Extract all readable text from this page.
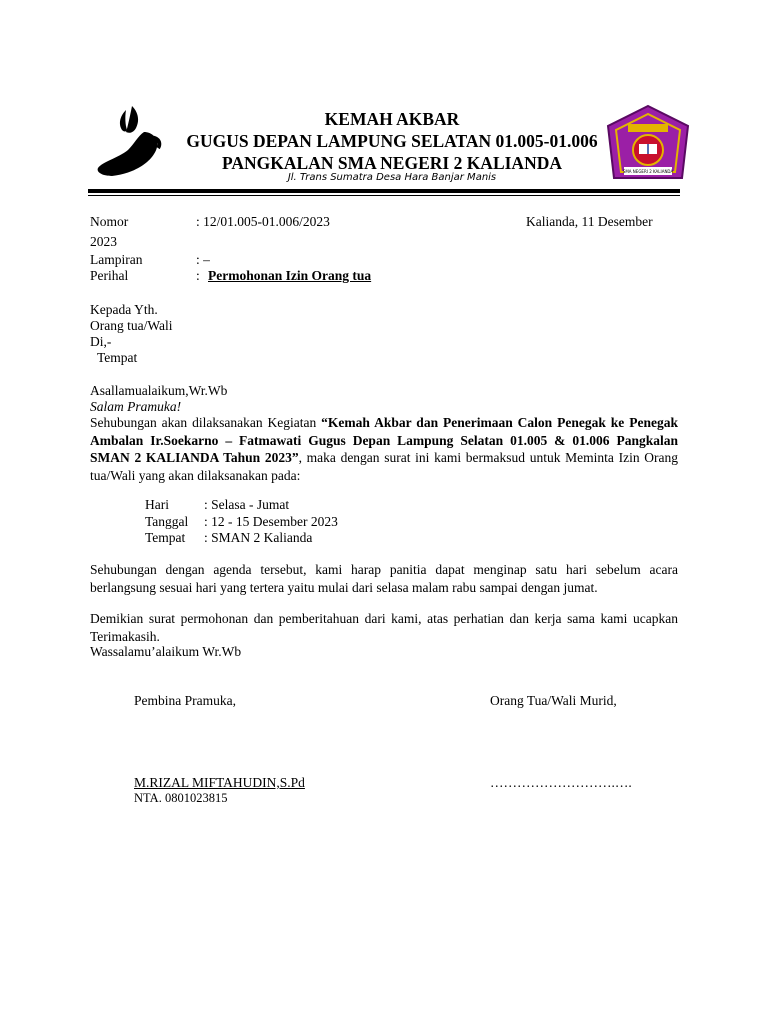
KEMAH AKBAR
GUGUS DEPAN LAMPUNG SELATAN 01.005-01.006
PANGKALAN SMA NEGERI 2 KALIANDA
Jl. Trans Sumatra Desa Hara Banjar Manis
SMA NEGERI 2 KALIANDA
Nomor	: 12/01.005-01.006/2023	Kalianda, 11 Desember
2023
Lampiran	: –
Perihal	: Permohonan Izin Orang tua
Kepada Yth.
Orang tua/Wali
Di,-
Tempat
Asallamualaikum,Wr.Wb
Salam Pramuka!
Sehubungan akan dilaksanakan Kegiatan “Kemah Akbar dan Penerimaan Calon Penegak ke Penegak Ambalan Ir.Soekarno – Fatmawati Gugus Depan Lampung Selatan 01.005 & 01.006 Pangkalan SMAN 2 KALIANDA Tahun 2023”, maka dengan surat ini kami bermaksud untuk Meminta Izin Orang tua/Wali yang akan dilaksanakan pada:
Hari	: Selasa - Jumat
Tanggal : 12 - 15 Desember 2023
Tempat : SMAN 2 Kalianda
Sehubungan dengan agenda tersebut, kami harap panitia dapat menginap satu hari sebelum acara berlangsung sesuai hari yang tertera yaitu mulai dari selasa malam rabu sampai dengan jumat.
Demikian surat permohonan dan pemberitahuan dari kami, atas perhatian dan kerja sama kami ucapkan Terimakasih.
Wassalamu’alaikum Wr.Wb
Pembina Pramuka,	Orang Tua/Wali Murid,
M.RIZAL MIFTAHUDIN,S.Pd	……………………….….
NTA. 0801023815
